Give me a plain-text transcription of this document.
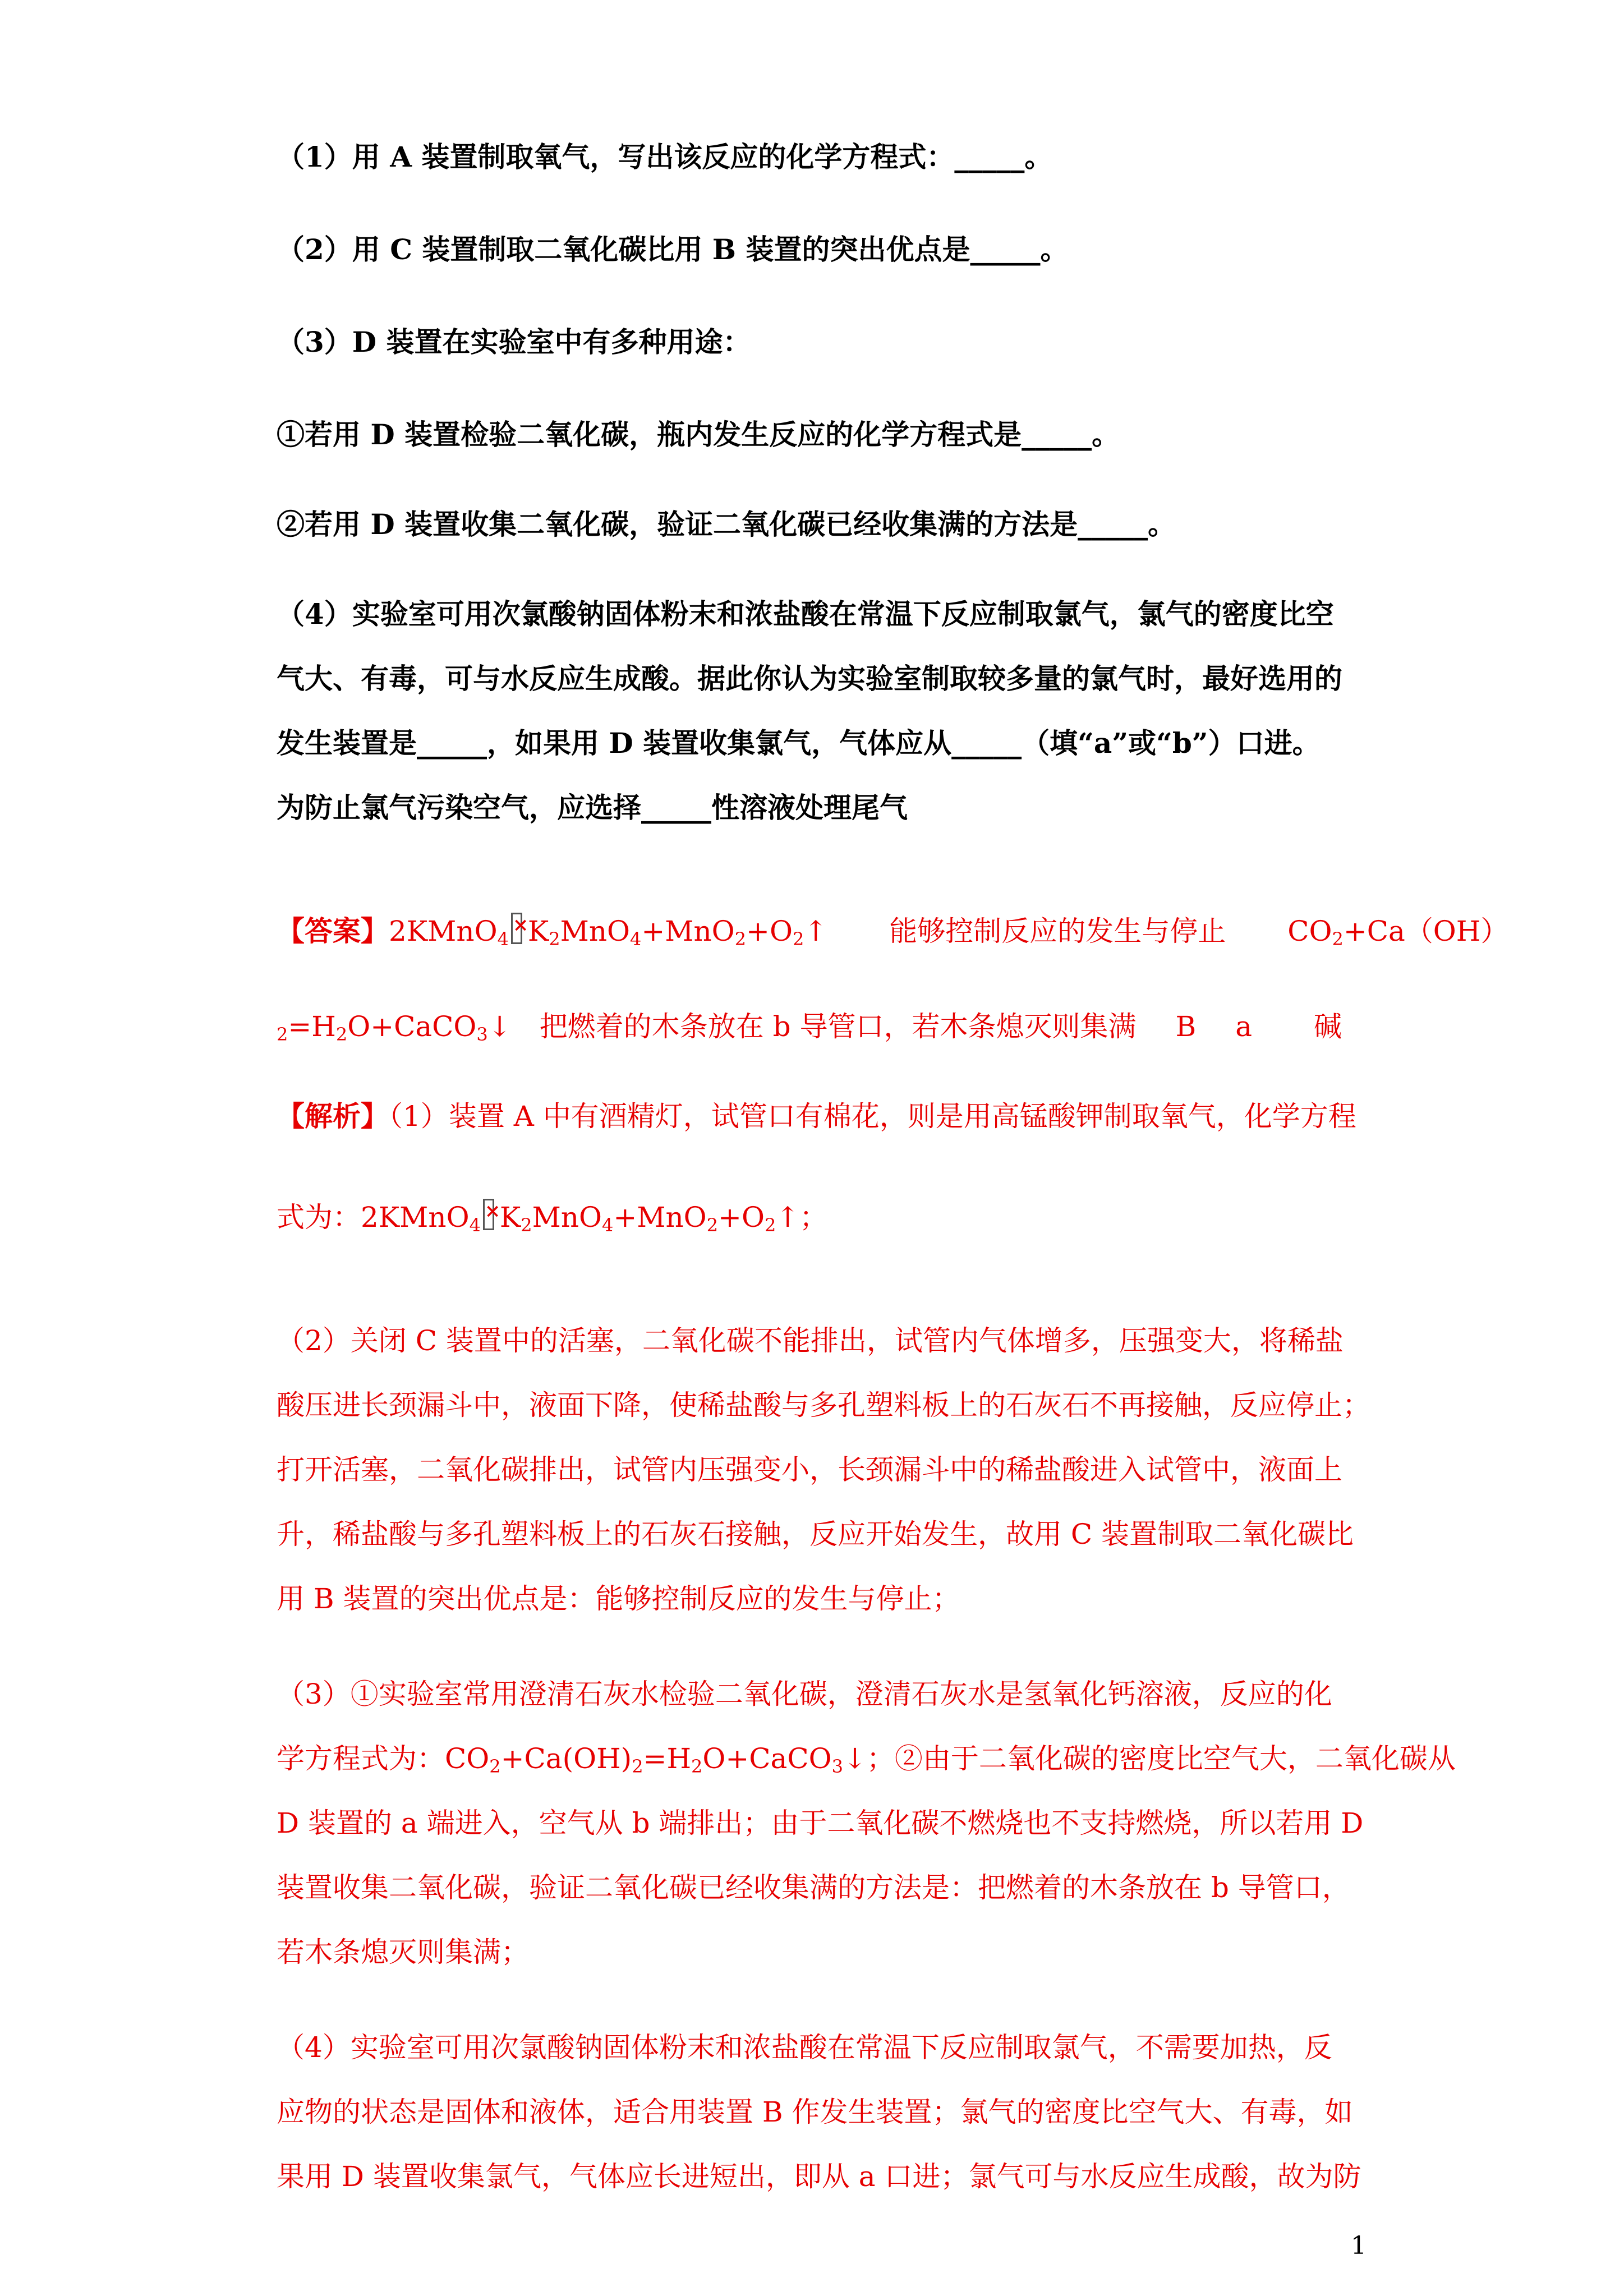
（1）用 A 装置制取氧气，写出该反应的化学方程式：_____。
（2）用 C 装置制取二氧化碳比用 B 装置的突出优点是_____。
（3）D 装置在实验室中有多种用途：
①若用 D 装置检验二氧化碳，瓶内发生反应的化学方程式是_____。
②若用 D 装置收集二氧化碳，验证二氧化碳已经收集满的方法是_____。
（4）实验室可用次氯酸钠固体粉末和浓盐酸在常温下反应制取氯气，氯气的密度比空
气大、有毒，可与水反应生成酸。据此你认为实验室制取较多量的氯气时，最好选用的
发生装置是_____，如果用 D 装置收集氯气，气体应从_____（填“a”或“b”）口进。
为防止氯气污染空气，应选择_____性溶液处理尾气
【答案】2KMnO$_4$ × $K_2MnO_4+MnO_2+O_2↑$ 能够控制反应的发生与停止 $CO_2+Ca(OH)$
$_2=H_2O+CaCO_3↓$ 把燃着的木条放在 b 导管口，若木条熄灭则集满 B a 碱
【解析】（1）装置 A 中有酒精灯，试管口有棉花，则是用高锰酸钾制取氧气，化学方程
式为：2KMnO$_4$ × $K_2MnO_4+MnO_2+O_2↑$；
（2）关闭 C 装置中的活塞，二氧化碳不能排出，试管内气体增多，压强变大，将稀盐
酸压进长颈漏斗中，液面下降，使稀盐酸与多孔塑料板上的石灰石不再接触，反应停止；
打开活塞，二氧化碳排出，试管内压强变小，长颈漏斗中的稀盐酸进入试管中，液面上
升，稀盐酸与多孔塑料板上的石灰石接触，反应开始发生，故用 C 装置制取二氧化碳比
用 B 装置的突出优点是：能够控制反应的发生与停止；
（3）①实验室常用澄清石灰水检验二氧化碳，澄清石灰水是氢氧化钙溶液，反应的化
学方程式为：$CO_2+Ca(OH)_2=H_2O+CaCO_3↓$；②由于二氧化碳的密度比空气大，二氧化碳从
D 装置的 a 端进入，空气从 b 端排出；由于二氧化碳不燃烧也不支持燃烧，所以若用 D
装置收集二氧化碳，验证二氧化碳已经收集满的方法是：把燃着的木条放在 b 导管口，
若木条熄灭则集满；
（4）实验室可用次氯酸钠固体粉末和浓盐酸在常温下反应制取氯气，不需要加热，反
应物的状态是固体和液体，适合用装置 B 作发生装置；氯气的密度比空气大、有毒，如
果用 D 装置收集氯气，气体应长进短出，即从 a 口进；氯气可与水反应生成酸，故为防
1
